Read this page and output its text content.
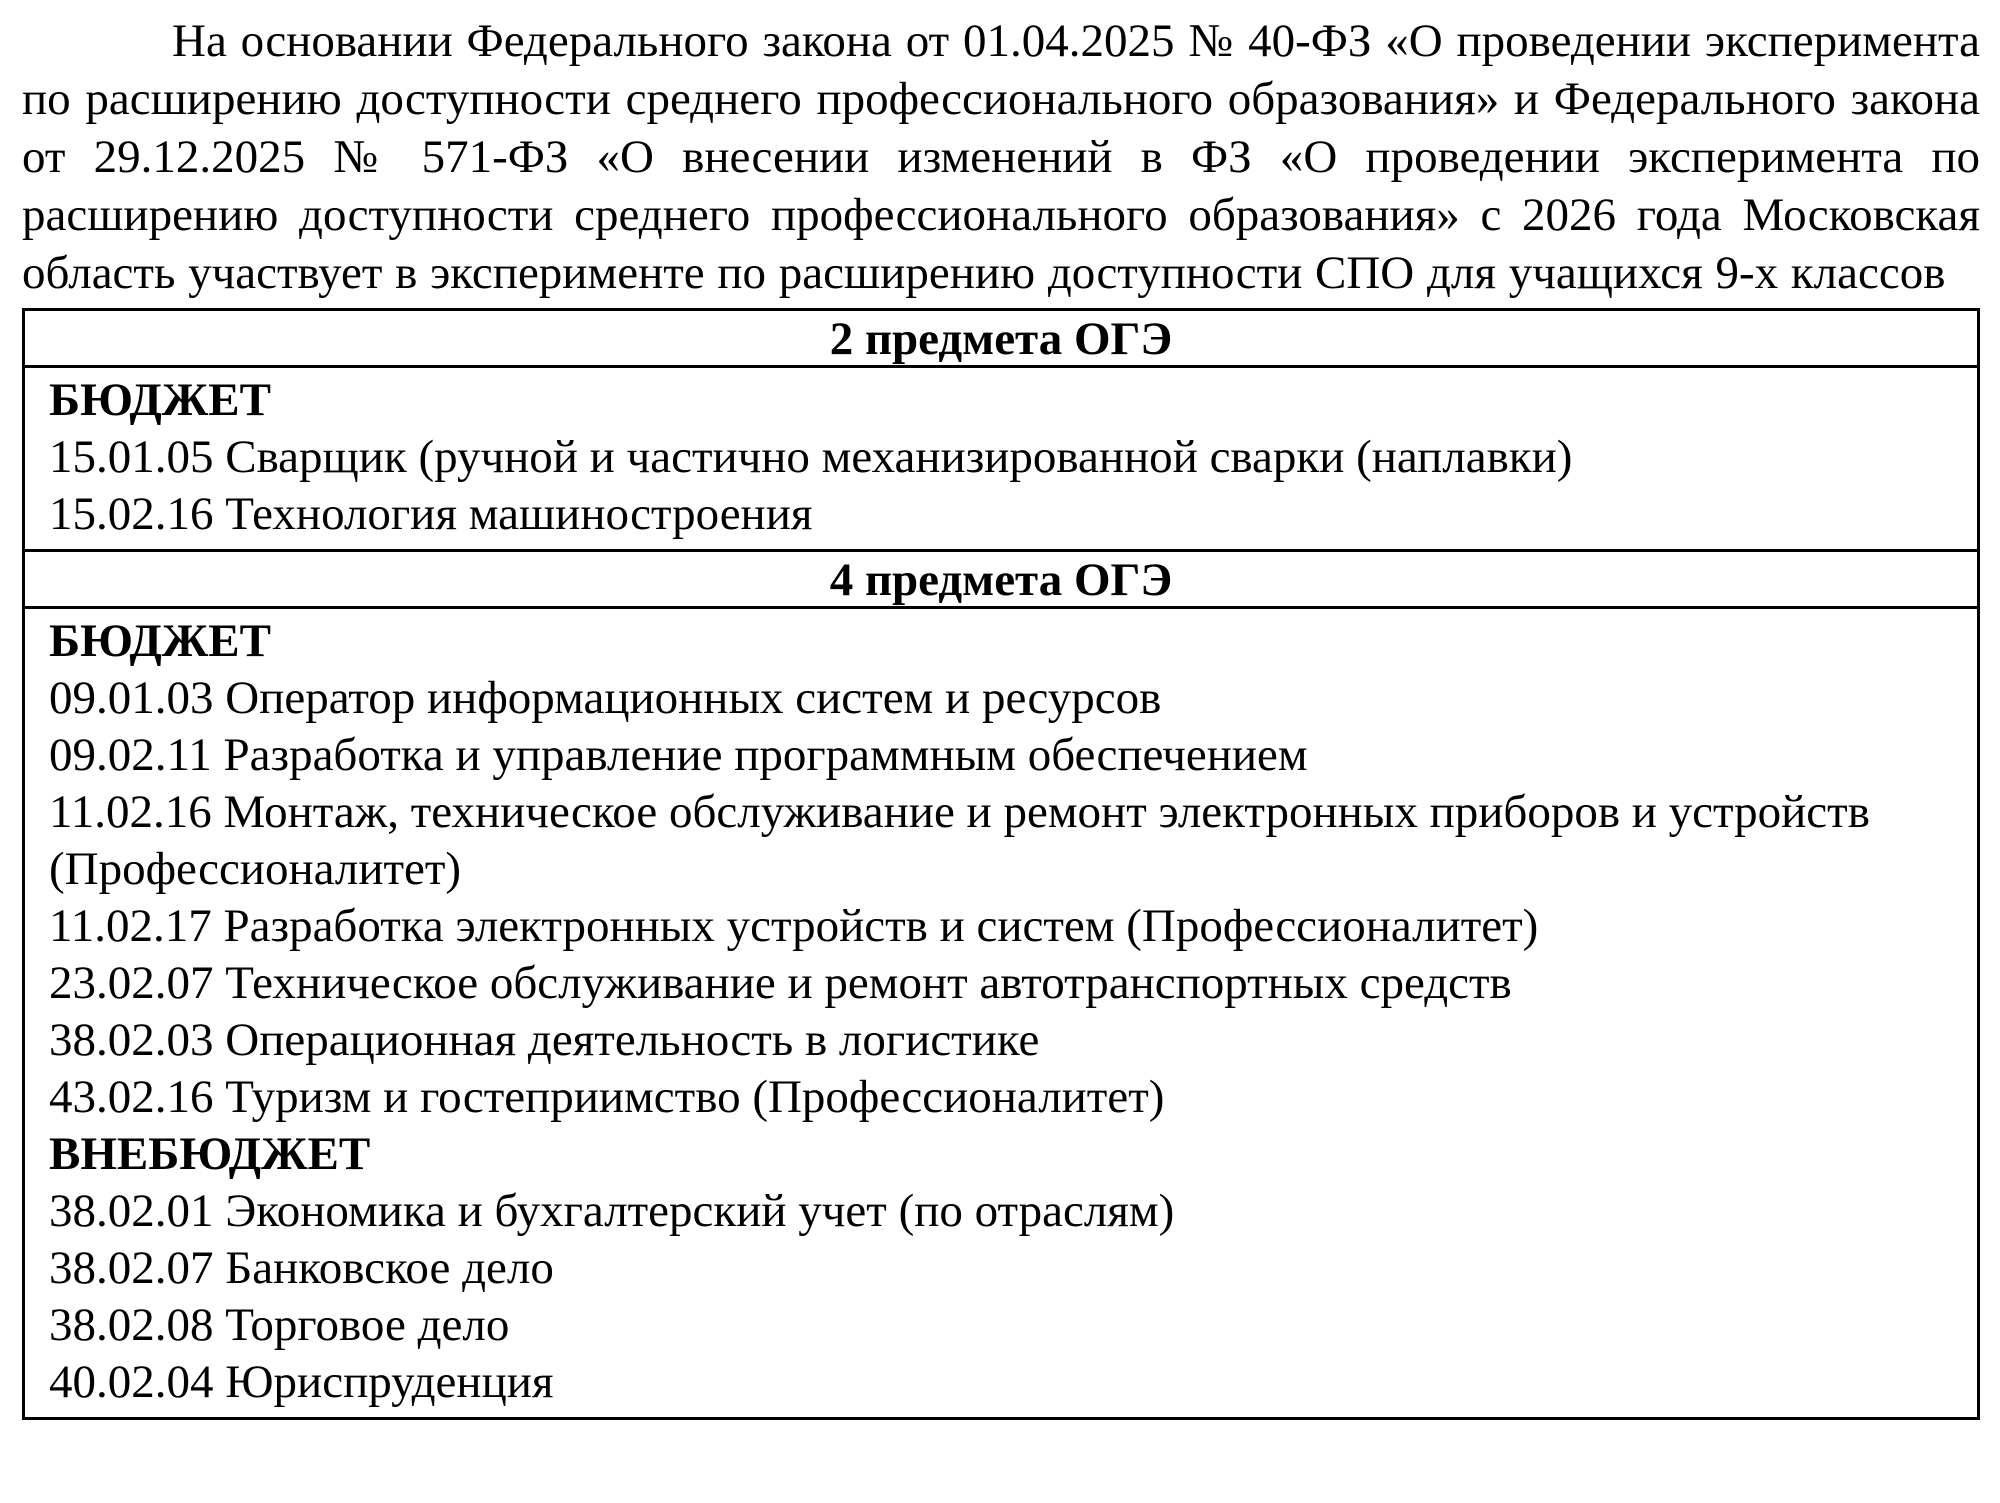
На основании Федерального закона от 01.04.2025 № 40-ФЗ «О проведении эксперимента по расширению доступности среднего профессионального образования» и Федерального закона от 29.12.2025 № 571-ФЗ «О внесении изменений в ФЗ «О проведении эксперимента по расширению доступности среднего профессионального образования» с 2026 года Московская область участвует в эксперименте по расширению доступности СПО для учащихся 9-х классов

2 предмета ОГЭ

БЮДЖЕТ
15.01.05 Сварщик (ручной и частично механизированной сварки (наплавки)
15.02.16 Технология машиностроения

4 предмета ОГЭ

БЮДЖЕТ
09.01.03 Оператор информационных систем и ресурсов
09.02.11 Разработка и управление программным обеспечением
11.02.16 Монтаж, техническое обслуживание и ремонт электронных приборов и устройств (Профессионалитет)
11.02.17 Разработка электронных устройств и систем (Профессионалитет)
23.02.07 Техническое обслуживание и ремонт автотранспортных средств
38.02.03 Операционная деятельность в логистике
43.02.16 Туризм и гостеприимство (Профессионалитет)
ВНЕБЮДЖЕТ
38.02.01 Экономика и бухгалтерский учет (по отраслям)
38.02.07 Банковское дело
38.02.08 Торговое дело
40.02.04 Юриспруденция
